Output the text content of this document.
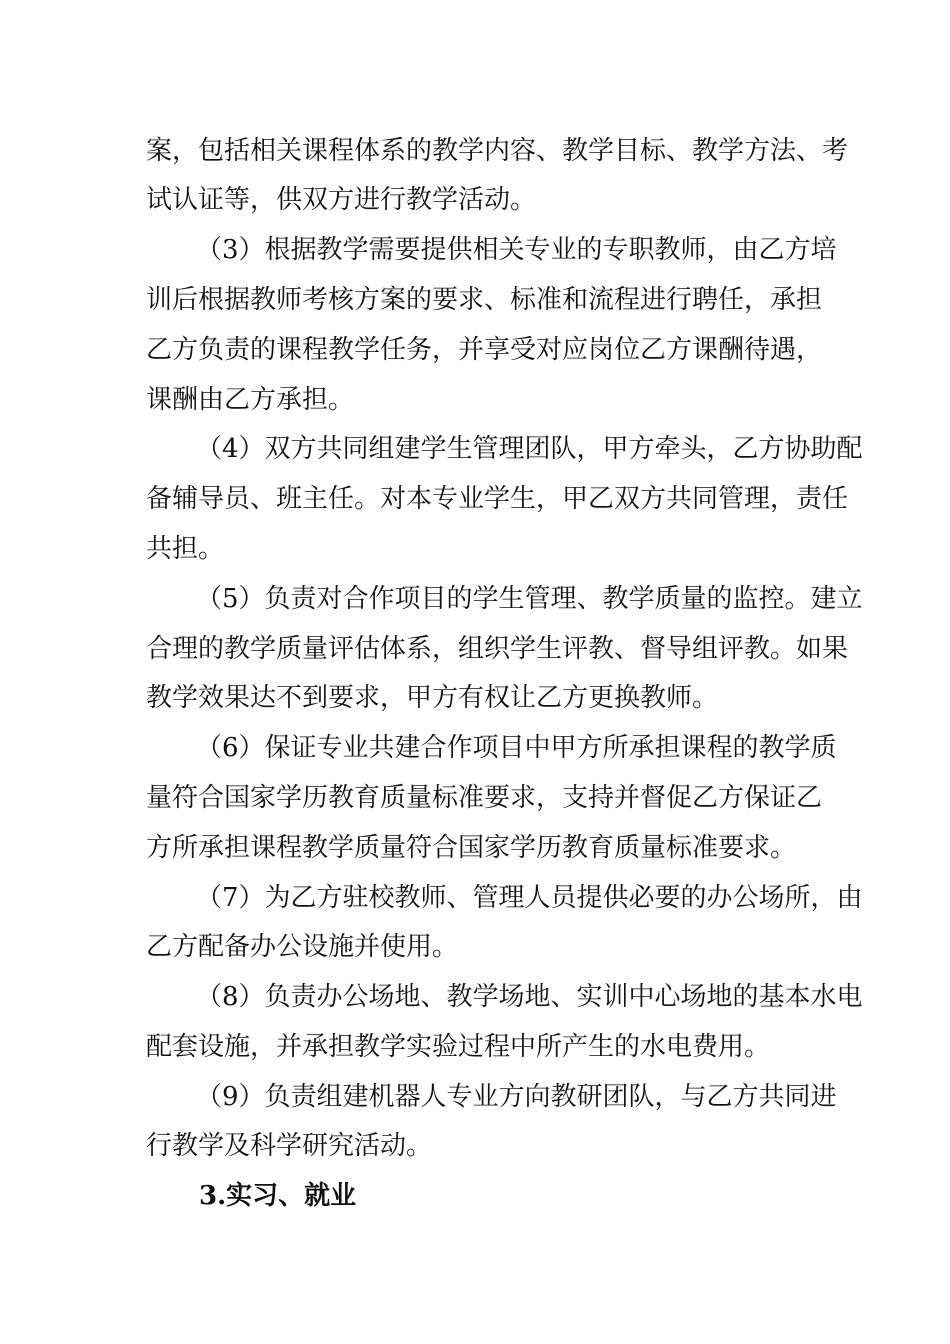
案，包括相关课程体系的教学内容、教学目标、教学方法、考
试认证等，供双方进行教学活动。
（3）根据教学需要提供相关专业的专职教师，由乙方培
训后根据教师考核方案的要求、标准和流程进行聘任，承担
乙方负责的课程教学任务，并享受对应岗位乙方课酬待遇，
课酬由乙方承担。
（4）双方共同组建学生管理团队，甲方牵头，乙方协助配
备辅导员、班主任。对本专业学生，甲乙双方共同管理，责任
共担。
（5）负责对合作项目的学生管理、教学质量的监控。建立
合理的教学质量评估体系，组织学生评教、督导组评教。如果
教学效果达不到要求，甲方有权让乙方更换教师。
（6）保证专业共建合作项目中甲方所承担课程的教学质
量符合国家学历教育质量标准要求，支持并督促乙方保证乙
方所承担课程教学质量符合国家学历教育质量标准要求。
（7）为乙方驻校教师、管理人员提供必要的办公场所，由
乙方配备办公设施并使用。
（8）负责办公场地、教学场地、实训中心场地的基本水电
配套设施，并承担教学实验过程中所产生的水电费用。
（9）负责组建机器人专业方向教研团队，与乙方共同进
行教学及科学研究活动。
3.实习、就业
